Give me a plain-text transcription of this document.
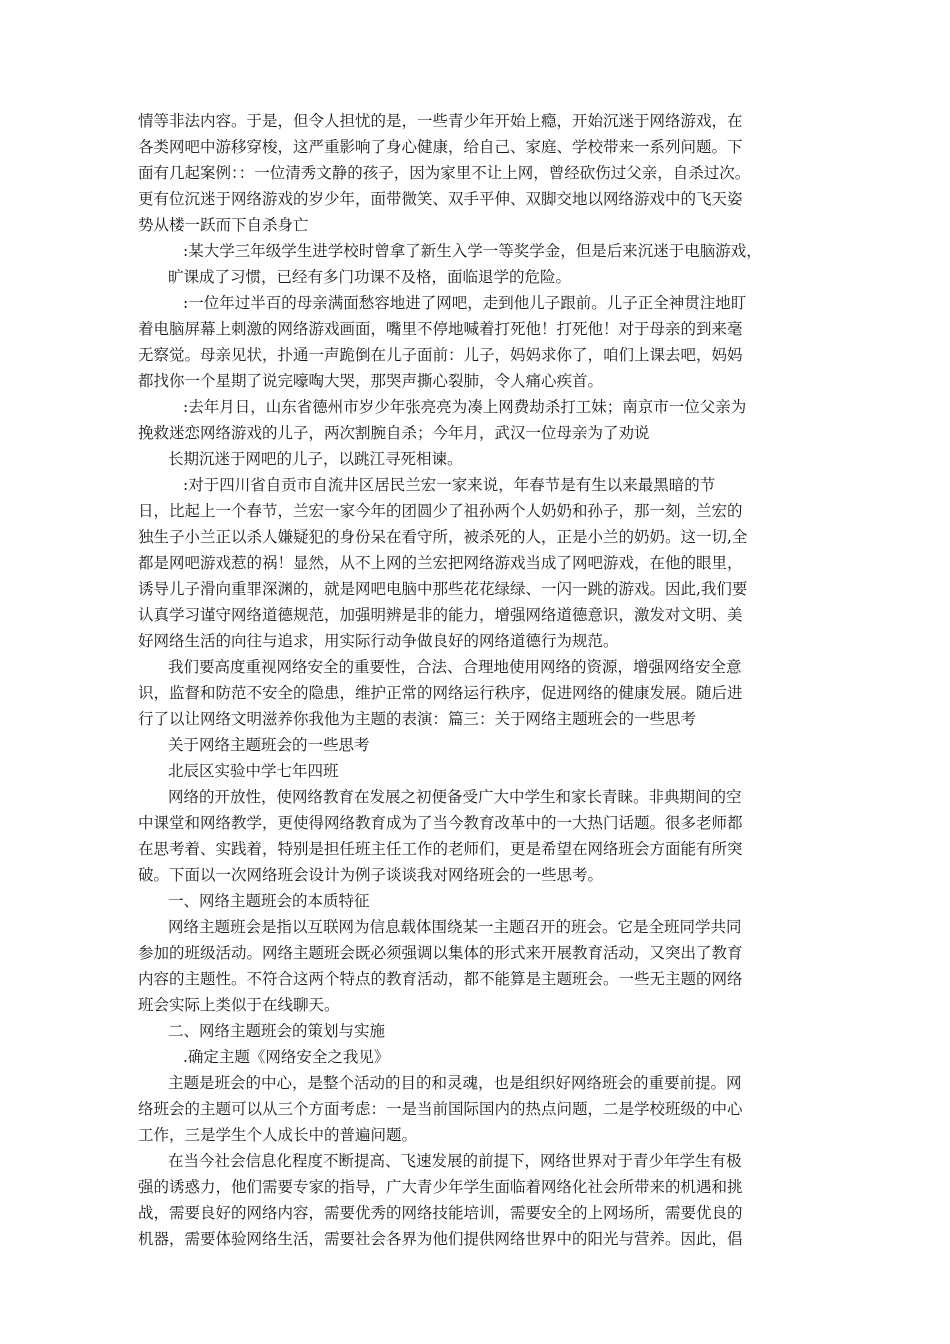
情等非法内容。于是，但令人担忧的是，一些青少年开始上瘾，开始沉迷于网络游戏，在

各类网吧中游移穿梭，这严重影响了身心健康，给自己、家庭、学校带来一系列问题。下

面有几起案例：：一位清秀文静的孩子，因为家里不让上网，曾经砍伤过父亲，自杀过次。

更有位沉迷于网络游戏的岁少年，面带微笑、双手平伸、双脚交地以网络游戏中的飞天姿

势从楼一跃而下自杀身亡

:某大学三年级学生进学校时曾拿了新生入学一等奖学金，但是后来沉迷于电脑游戏，

旷课成了习惯，已经有多门功课不及格，面临退学的危险。

:一位年过半百的母亲满面愁容地进了网吧，走到他儿子跟前。儿子正全神贯注地盯

着电脑屏幕上刺激的网络游戏画面，嘴里不停地喊着打死他！打死他！对于母亲的到来毫

无察觉。母亲见状，扑通一声跪倒在儿子面前：儿子，妈妈求你了，咱们上课去吧，妈妈

都找你一个星期了说完嚎啕大哭，那哭声撕心裂肺，令人痛心疾首。

:去年月日，山东省德州市岁少年张亮亮为凑上网费劫杀打工妹；南京市一位父亲为

挽救迷恋网络游戏的儿子，两次割腕自杀；今年月，武汉一位母亲为了劝说

长期沉迷于网吧的儿子，以跳江寻死相谏。

:对于四川省自贡市自流井区居民兰宏一家来说，年春节是有生以来最黑暗的节

日，比起上一个春节，兰宏一家今年的团圆少了祖孙两个人奶奶和孙子，那一刻，兰宏的

独生子小兰正以杀人嫌疑犯的身份呆在看守所，被杀死的人，正是小兰的奶奶。这一切,全

都是网吧游戏惹的祸！显然，从不上网的兰宏把网络游戏当成了网吧游戏，在他的眼里，

诱导儿子滑向重罪深渊的，就是网吧电脑中那些花花绿绿、一闪一跳的游戏。因此,我们要

认真学习谨守网络道德规范，加强明辨是非的能力，增强网络道德意识，激发对文明、美

好网络生活的向往与追求，用实际行动争做良好的网络道德行为规范。

我们要高度重视网络安全的重要性，合法、合理地使用网络的资源，增强网络安全意

识，监督和防范不安全的隐患，维护正常的网络运行秩序，促进网络的健康发展。随后进

行了以让网络文明滋养你我他为主题的表演：篇三：关于网络主题班会的一些思考

关于网络主题班会的一些思考

北辰区实验中学七年四班

网络的开放性，使网络教育在发展之初便备受广大中学生和家长青睐。非典期间的空

中课堂和网络教学，更使得网络教育成为了当今教育改革中的一大热门话题。很多老师都

在思考着、实践着，特别是担任班主任工作的老师们，更是希望在网络班会方面能有所突

破。下面以一次网络班会设计为例子谈谈我对网络班会的一些思考。

一、网络主题班会的本质特征

网络主题班会是指以互联网为信息载体围绕某一主题召开的班会。它是全班同学共同

参加的班级活动。网络主题班会既必须强调以集体的形式来开展教育活动，又突出了教育

内容的主题性。不符合这两个特点的教育活动，都不能算是主题班会。一些无主题的网络

班会实际上类似于在线聊天。

二、网络主题班会的策划与实施

.确定主题《网络安全之我见》

主题是班会的中心，是整个活动的目的和灵魂，也是组织好网络班会的重要前提。网

络班会的主题可以从三个方面考虑：一是当前国际国内的热点问题，二是学校班级的中心

工作，三是学生个人成长中的普遍问题。

在当今社会信息化程度不断提高、飞速发展的前提下，网络世界对于青少年学生有极

强的诱惑力，他们需要专家的指导，广大青少年学生面临着网络化社会所带来的机遇和挑

战，需要良好的网络内容，需要优秀的网络技能培训，需要安全的上网场所，需要优良的

机器，需要体验网络生活，需要社会各界为他们提供网络世界中的阳光与营养。因此，倡
